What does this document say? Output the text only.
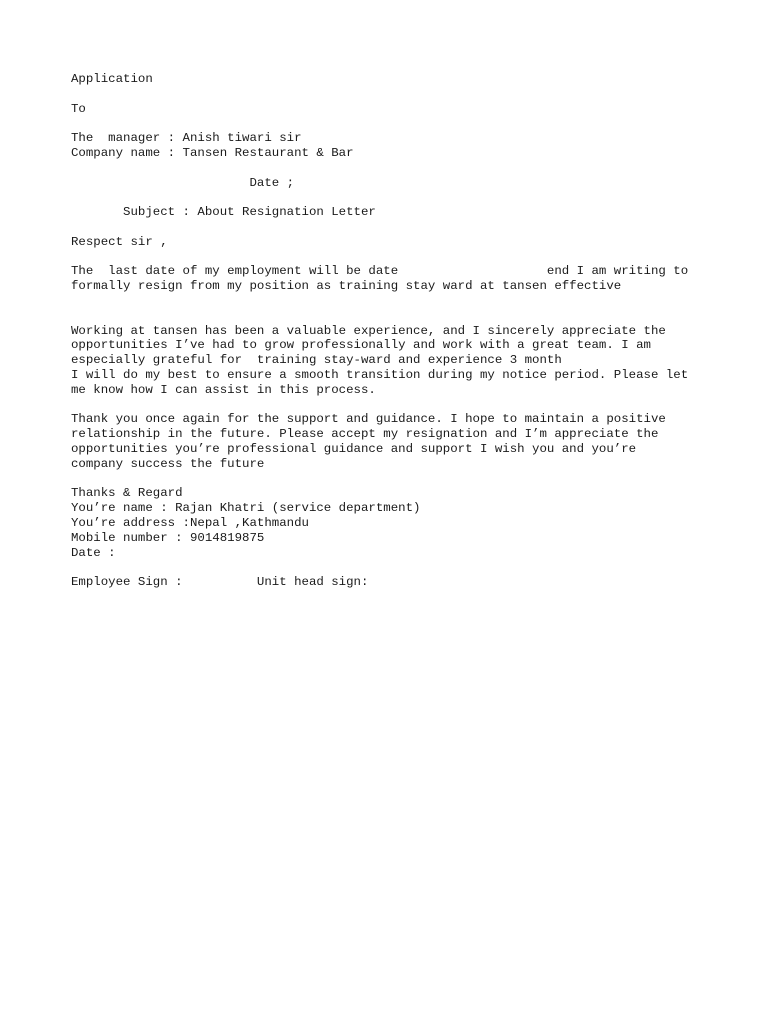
Application
To
The  manager : Anish tiwari sir
Company name : Tansen Restaurant & Bar
Date ;
Subject : About Resignation Letter
Respect sir ,
The  last date of my employment will be date                    end I am writing to
formally resign from my position as training stay ward at tansen effective
Working at tansen has been a valuable experience, and I sincerely appreciate the
opportunities I’ve had to grow professionally and work with a great team. I am
especially grateful for  training stay-ward and experience 3 month
I will do my best to ensure a smooth transition during my notice period. Please let
me know how I can assist in this process.
Thank you once again for the support and guidance. I hope to maintain a positive
relationship in the future. Please accept my resignation and I’m appreciate the
opportunities you’re professional guidance and support I wish you and you’re
company success the future
Thanks & Regard
You’re name : Rajan Khatri (service department)
You’re address :Nepal ,Kathmandu
Mobile number : 9014819875
Date :
Employee Sign :          Unit head sign:
